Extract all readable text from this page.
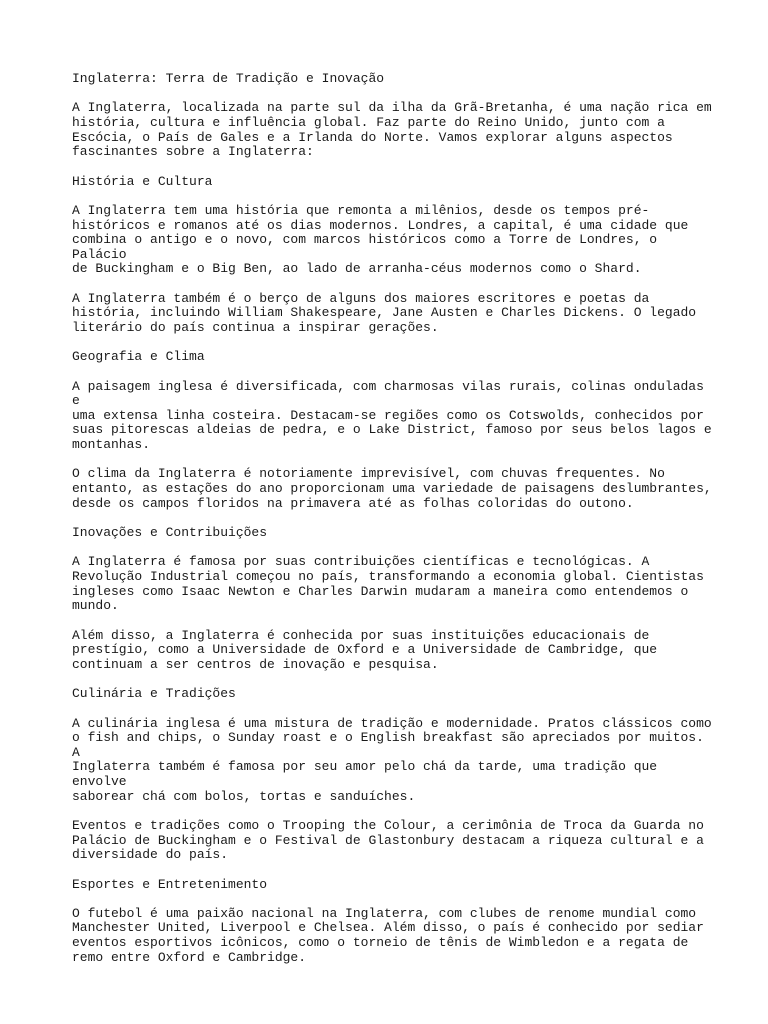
Inglaterra: Terra de Tradição e Inovação

A Inglaterra, localizada na parte sul da ilha da Grã-Bretanha, é uma nação rica em
história, cultura e influência global. Faz parte do Reino Unido, junto com a
Escócia, o País de Gales e a Irlanda do Norte. Vamos explorar alguns aspectos
fascinantes sobre a Inglaterra:

História e Cultura

A Inglaterra tem uma história que remonta a milênios, desde os tempos pré-
históricos e romanos até os dias modernos. Londres, a capital, é uma cidade que
combina o antigo e o novo, com marcos históricos como a Torre de Londres, o Palácio
de Buckingham e o Big Ben, ao lado de arranha-céus modernos como o Shard.

A Inglaterra também é o berço de alguns dos maiores escritores e poetas da
história, incluindo William Shakespeare, Jane Austen e Charles Dickens. O legado
literário do país continua a inspirar gerações.

Geografia e Clima

A paisagem inglesa é diversificada, com charmosas vilas rurais, colinas onduladas e
uma extensa linha costeira. Destacam-se regiões como os Cotswolds, conhecidos por
suas pitorescas aldeias de pedra, e o Lake District, famoso por seus belos lagos e
montanhas.

O clima da Inglaterra é notoriamente imprevisível, com chuvas frequentes. No
entanto, as estações do ano proporcionam uma variedade de paisagens deslumbrantes,
desde os campos floridos na primavera até as folhas coloridas do outono.

Inovações e Contribuições

A Inglaterra é famosa por suas contribuições científicas e tecnológicas. A
Revolução Industrial começou no país, transformando a economia global. Cientistas
ingleses como Isaac Newton e Charles Darwin mudaram a maneira como entendemos o
mundo.

Além disso, a Inglaterra é conhecida por suas instituições educacionais de
prestígio, como a Universidade de Oxford e a Universidade de Cambridge, que
continuam a ser centros de inovação e pesquisa.

Culinária e Tradições

A culinária inglesa é uma mistura de tradição e modernidade. Pratos clássicos como
o fish and chips, o Sunday roast e o English breakfast são apreciados por muitos. A
Inglaterra também é famosa por seu amor pelo chá da tarde, uma tradição que envolve
saborear chá com bolos, tortas e sanduíches.

Eventos e tradições como o Trooping the Colour, a cerimônia de Troca da Guarda no
Palácio de Buckingham e o Festival de Glastonbury destacam a riqueza cultural e a
diversidade do país.

Esportes e Entretenimento

O futebol é uma paixão nacional na Inglaterra, com clubes de renome mundial como
Manchester United, Liverpool e Chelsea. Além disso, o país é conhecido por sediar
eventos esportivos icônicos, como o torneio de tênis de Wimbledon e a regata de
remo entre Oxford e Cambridge.
